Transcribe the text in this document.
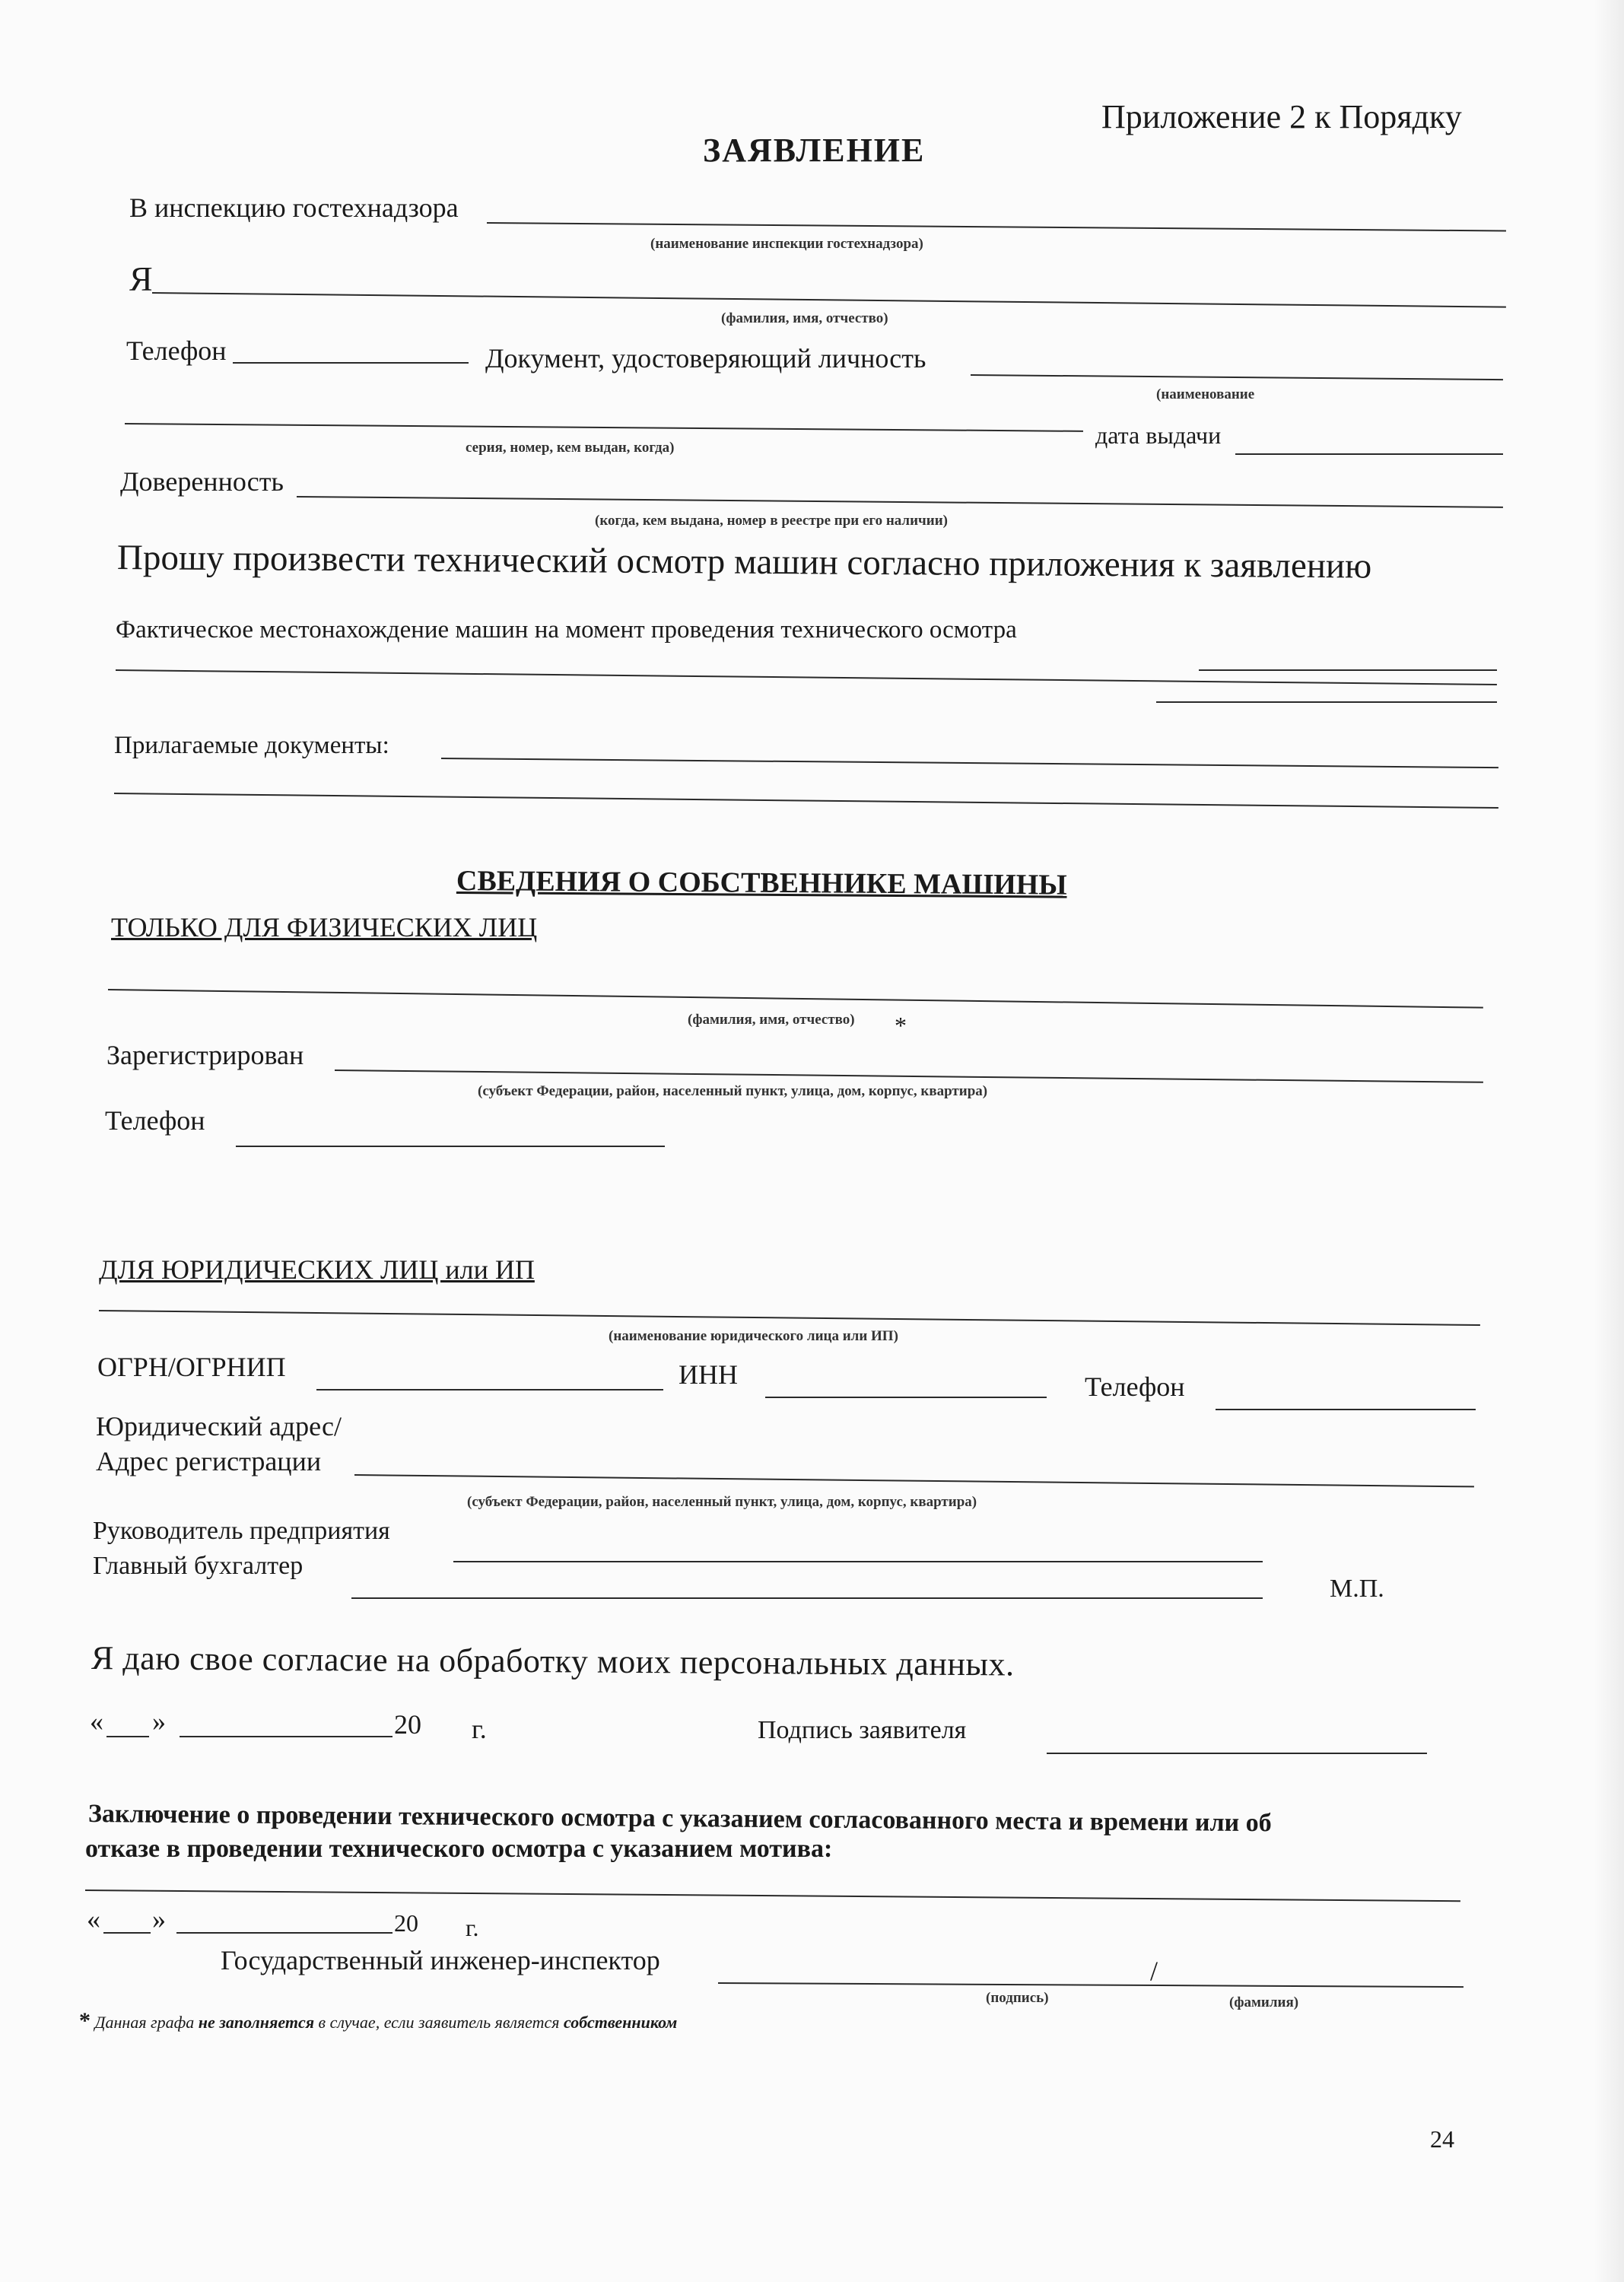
Приложение 2 к Порядку
ЗАЯВЛЕНИЕ
В инспекцию гостехнадзора
(наименование инспекции гостехнадзора)
Я
(фамилия, имя, отчество)
Телефон	Документ, удостоверяющий личность
(наименование
дата выдачи
серия, номер, кем выдан, когда)
Доверенность
(когда, кем выдана, номер в реестре при его наличии)
Прошу произвести технический осмотр машин согласно приложения к заявлению
Фактическое местонахождение машин на момент проведения технического осмотра
Прилагаемые документы:
СВЕДЕНИЯ О СОБСТВЕННИКЕ МАШИНЫ
ТОЛЬКО ДЛЯ ФИЗИЧЕСКИХ ЛИЦ
(фамилия, имя, отчество) *
Зарегистрирован
(субъект Федерации, район, населенный пункт, улица, дом, корпус, квартира)
Телефон
ДЛЯ ЮРИДИЧЕСКИХ ЛИЦ или ИП
(наименование юридического лица или ИП)
ОГРН/ОГРНИП	ИНН	Телефон
Юридический адрес/
Адрес регистрации
(субъект Федерации, район, населенный пункт, улица, дом, корпус, квартира)
Руководитель предприятия
Главный бухгалтер
М.П.
Я даю свое согласие на обработку моих персональных данных.
« »	20 г.	Подпись заявителя
Заключение о проведении технического осмотра с указанием согласованного места и времени или об
отказе в проведении технического осмотра с указанием мотива:
« »	20 г.
Государственный инженер-инспектор	/
(подпись)	(фамилия)
* Данная графа не заполняется в случае, если заявитель является собственником
24
